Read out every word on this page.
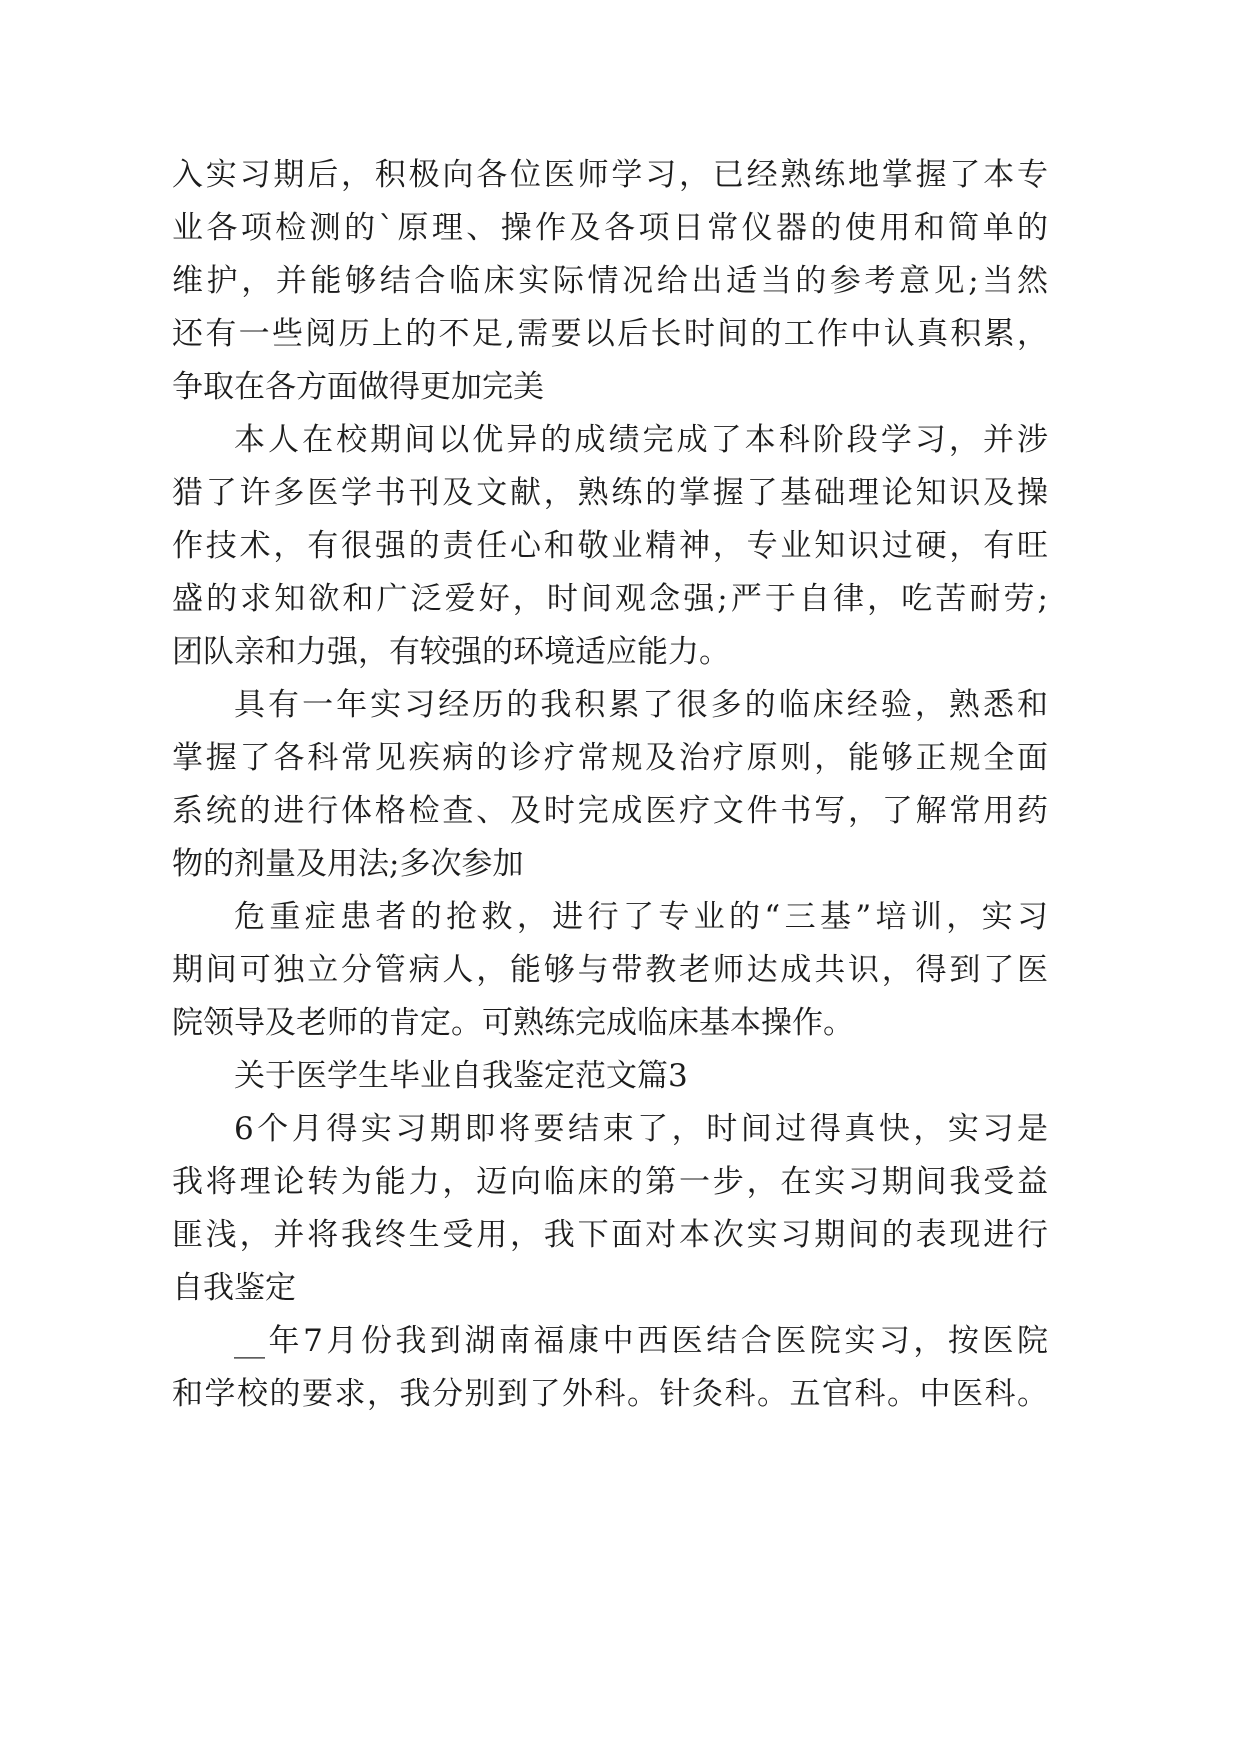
入实习期后，积极向各位医师学习，已经熟练地掌握了本专
业各项检测的`原理、操作及各项日常仪器的使用和简单的
维护，并能够结合临床实际情况给出适当的参考意见;当然
还有一些阅历上的不足,需要以后长时间的工作中认真积累，
争取在各方面做得更加完美
本人在校期间以优异的成绩完成了本科阶段学习，并涉
猎了许多医学书刊及文献，熟练的掌握了基础理论知识及操
作技术，有很强的责任心和敬业精神，专业知识过硬，有旺
盛的求知欲和广泛爱好，时间观念强;严于自律，吃苦耐劳;
团队亲和力强，有较强的环境适应能力。
具有一年实习经历的我积累了很多的临床经验，熟悉和
掌握了各科常见疾病的诊疗常规及治疗原则，能够正规全面
系统的进行体格检查、及时完成医疗文件书写，了解常用药
物的剂量及用法;多次参加
危重症患者的抢救，进行了专业的“三基”培训，实习
期间可独立分管病人，能够与带教老师达成共识，得到了医
院领导及老师的肯定。可熟练完成临床基本操作。
关于医学生毕业自我鉴定范文篇3
6个月得实习期即将要结束了，时间过得真快，实习是
我将理论转为能力，迈向临床的第一步，在实习期间我受益
匪浅，并将我终生受用，我下面对本次实习期间的表现进行
自我鉴定
__年7月份我到湖南福康中西医结合医院实习，按医院
和学校的要求，我分别到了外科。针灸科。五官科。中医科。
